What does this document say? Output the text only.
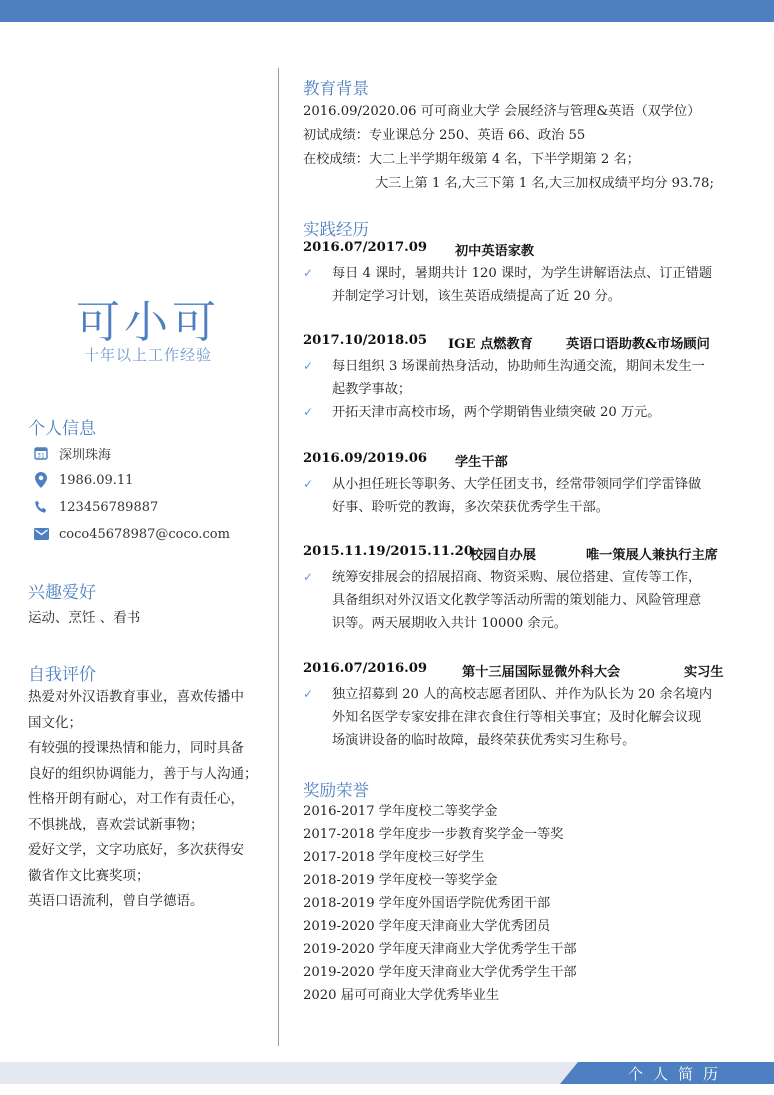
可小可
十年以上工作经验
个人信息
31 深圳珠海
1986.09.11
123456789887
coco45678987@coco.com
兴趣爱好
运动、烹饪 、看书
自我评价
热爱对外汉语教育事业，喜欢传播中
国文化；
有较强的授课热情和能力，同时具备
良好的组织协调能力，善于与人沟通；
性格开朗有耐心，对工作有责任心，
不惧挑战，喜欢尝试新事物；
爱好文学，文字功底好，多次获得安
徽省作文比赛奖项；
英语口语流利，曾自学德语。
教育背景
2016.09/2020.06 可可商业大学 会展经济与管理&英语（双学位）
初试成绩：专业课总分 250、英语 66、政治 55
在校成绩：大二上半学期年级第 4 名，下半学期第 2 名；
大三上第 1 名,大三下第 1 名,大三加权成绩平均分 93.78;
实践经历
2016.07/2017.09 初中英语家教
✓ 每日 4 课时，暑期共计 120 课时，为学生讲解语法点、订正错题
并制定学习计划，该生英语成绩提高了近 20 分。
2017.10/2018.05 IGE 点燃教育	英语口语助教&市场顾问
✓ 每日组织 3 场课前热身活动，协助师生沟通交流，期间未发生一
起教学事故；
✓ 开拓天津市高校市场，两个学期销售业绩突破 20 万元。
2016.09/2019.06 学生干部
✓ 从小担任班长等职务、大学任团支书，经常带领同学们学雷锋做
好事、聆听党的教诲，多次荣获优秀学生干部。
2015.11.19/2015.11.20
校园自办展	唯一策展人兼执行主席
✓ 统筹安排展会的招展招商、物资采购、展位搭建、宣传等工作，
具备组织对外汉语文化教学等活动所需的策划能力、风险管理意
识等。两天展期收入共计 10000 余元。
2016.07/2016.09	第十三届国际显微外科大会	实习生
✓ 独立招募到 20 人的高校志愿者团队、并作为队长为 20 余名境内
外知名医学专家安排在津衣食住行等相关事宜；及时化解会议现
场演讲设备的临时故障，最终荣获优秀实习生称号。
奖励荣誉
2016-2017 学年度校二等奖学金
2017-2018 学年度步一步教育奖学金一等奖
2017-2018 学年度校三好学生
2018-2019 学年度校一等奖学金
2018-2019 学年度外国语学院优秀团干部
2019-2020 学年度天津商业大学优秀团员
2019-2020 学年度天津商业大学优秀学生干部
2019-2020 学年度天津商业大学优秀学生干部
2020 届可可商业大学优秀毕业生
个人简历
